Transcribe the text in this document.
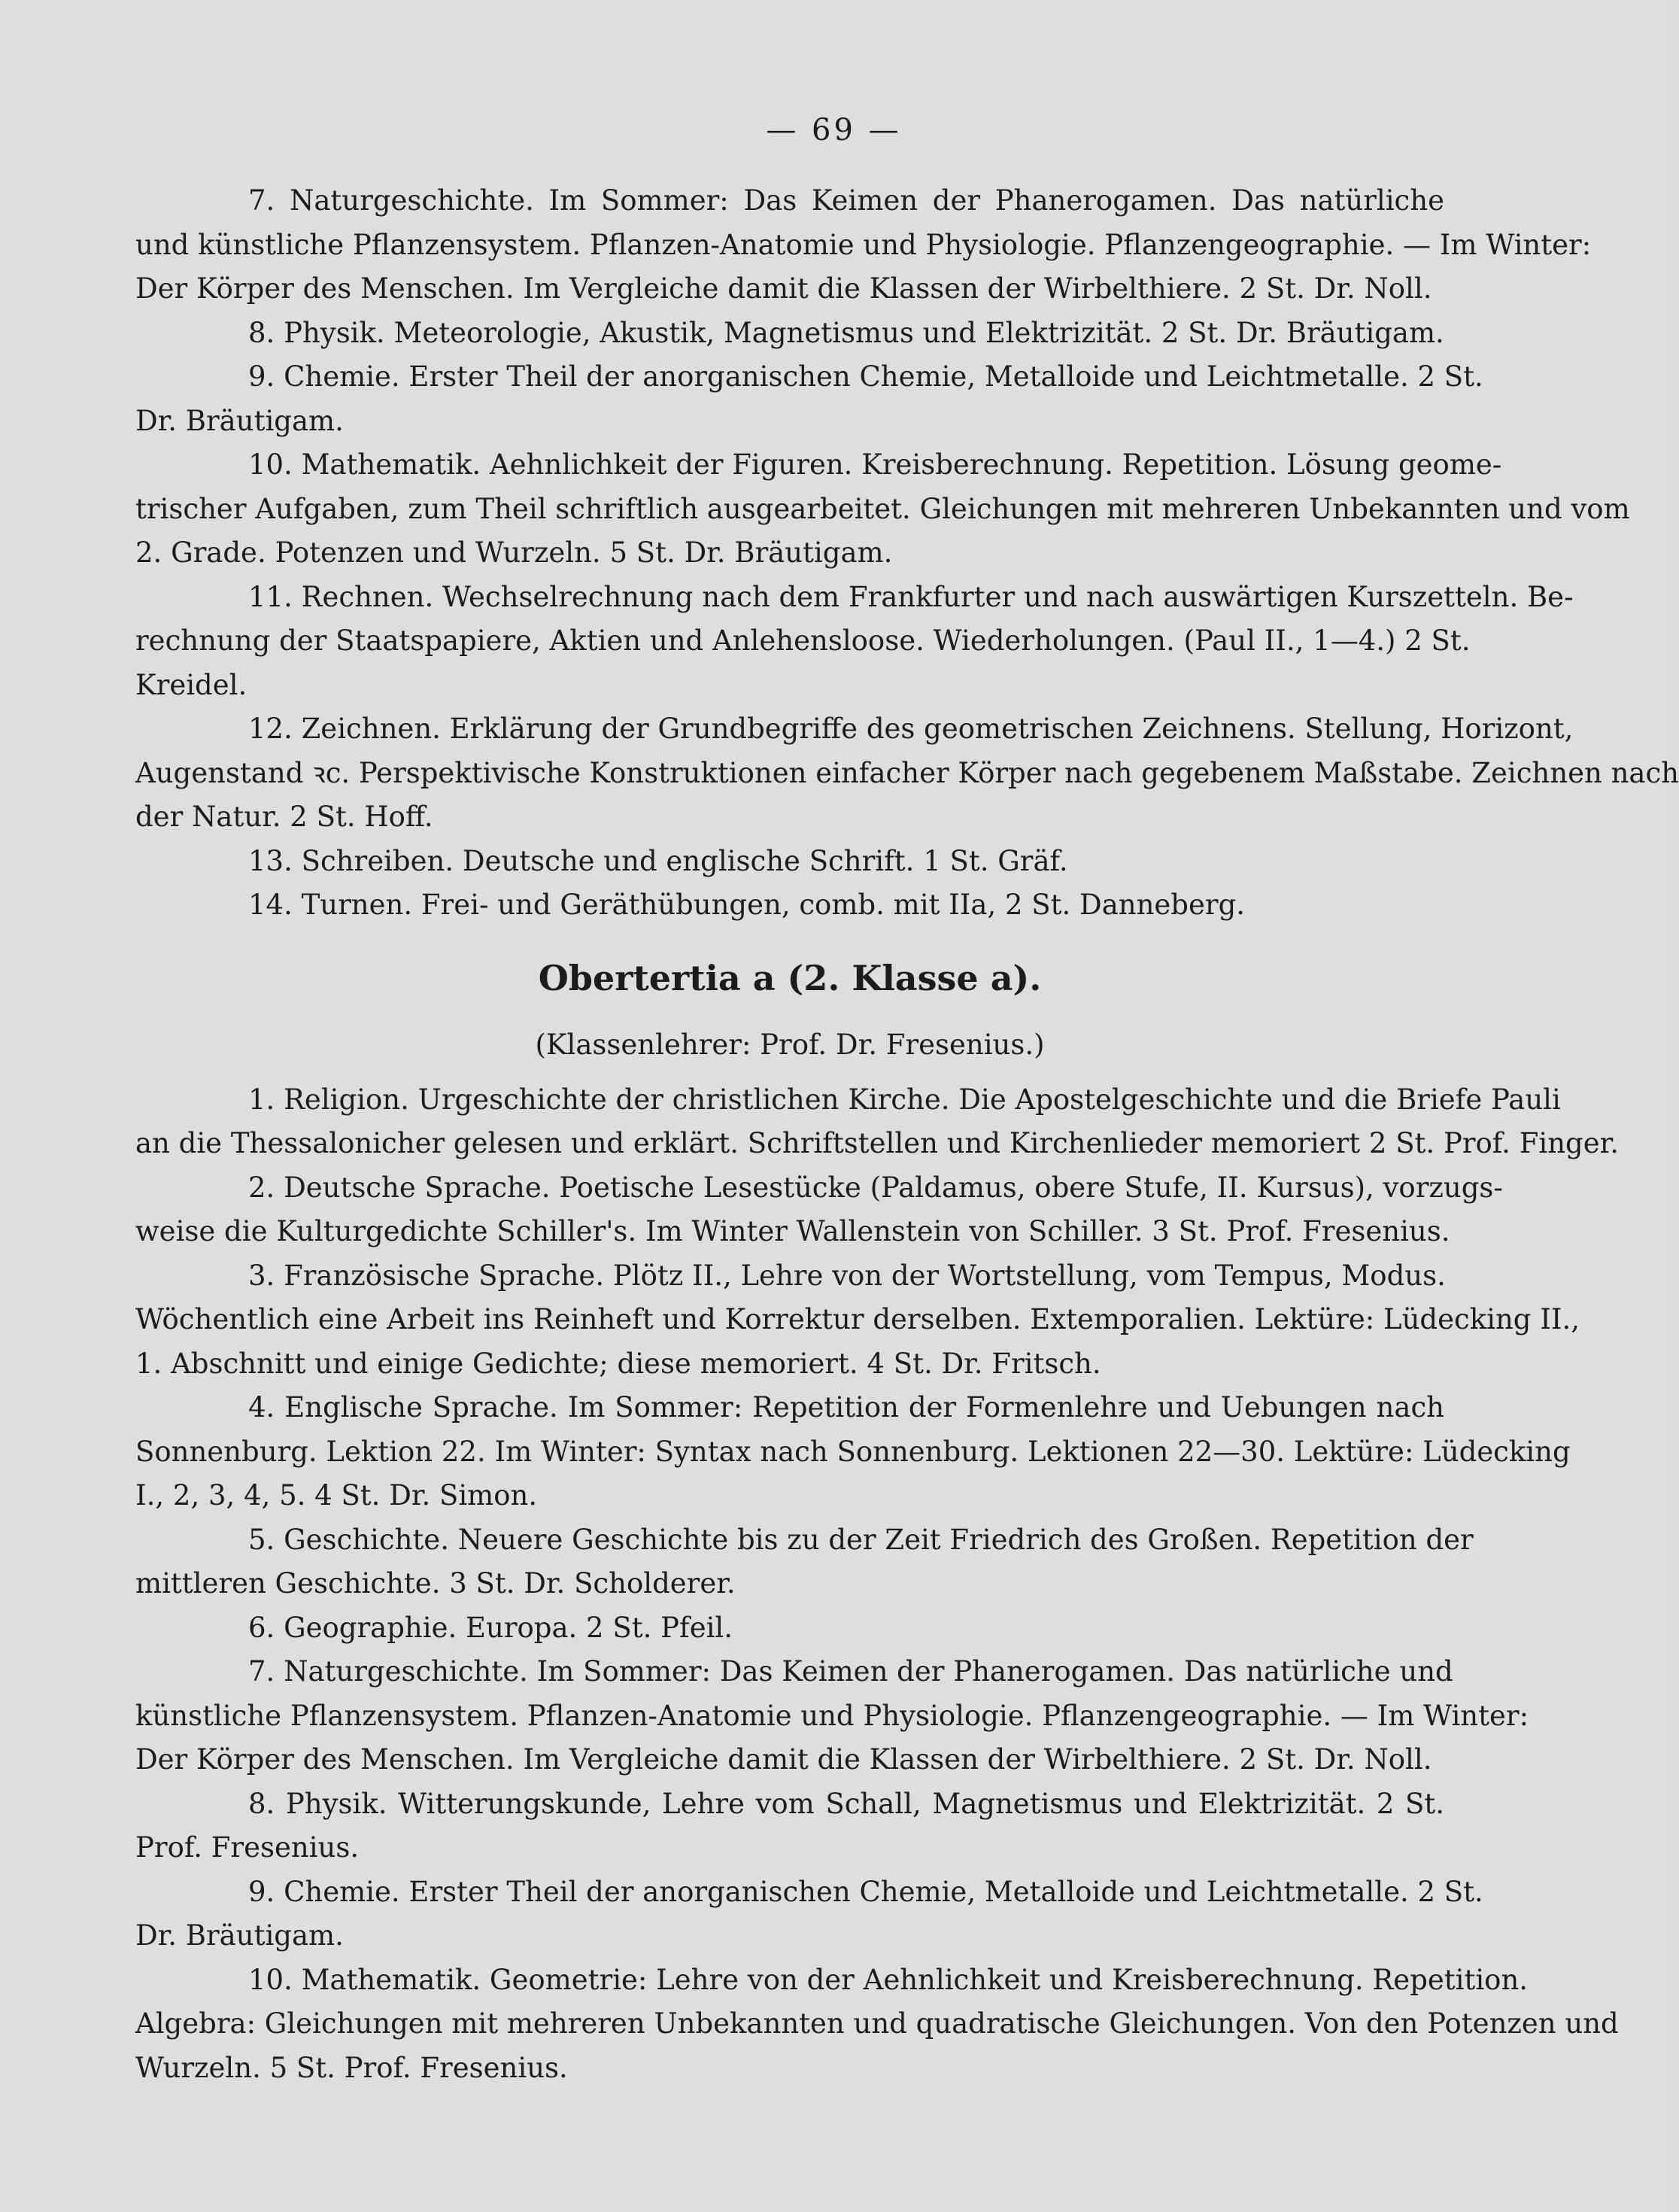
— 69 —
7. Naturgeschichte. Im Sommer: Das Keimen der Phanerogamen. Das natürliche
und künstliche Pflanzensystem. Pflanzen-Anatomie und Physiologie. Pflanzengeographie. — Im Winter:
Der Körper des Menschen. Im Vergleiche damit die Klassen der Wirbelthiere. 2 St. Dr. Noll.
8. Physik. Meteorologie, Akustik, Magnetismus und Elektrizität. 2 St. Dr. Bräutigam.
9. Chemie. Erster Theil der anorganischen Chemie, Metalloide und Leichtmetalle. 2 St.
Dr. Bräutigam.
10. Mathematik. Aehnlichkeit der Figuren. Kreisberechnung. Repetition. Lösung geome-
trischer Aufgaben, zum Theil schriftlich ausgearbeitet. Gleichungen mit mehreren Unbekannten und vom
2. Grade. Potenzen und Wurzeln. 5 St. Dr. Bräutigam.
11. Rechnen. Wechselrechnung nach dem Frankfurter und nach auswärtigen Kurszetteln. Be-
rechnung der Staatspapiere, Aktien und Anlehensloose. Wiederholungen. (Paul II., 1—4.) 2 St.
Kreidel.
12. Zeichnen. Erklärung der Grundbegriffe des geometrischen Zeichnens. Stellung, Horizont,
Augenstand ꝛc. Perspektivische Konstruktionen einfacher Körper nach gegebenem Maßstabe. Zeichnen nach
der Natur. 2 St. Hoff.
13. Schreiben. Deutsche und englische Schrift. 1 St. Gräf.
14. Turnen. Frei- und Geräthübungen, comb. mit IIa, 2 St. Danneberg.
Obertertia a (2. Klasse a).
(Klassenlehrer: Prof. Dr. Fresenius.)
1. Religion. Urgeschichte der christlichen Kirche. Die Apostelgeschichte und die Briefe Pauli
an die Thessalonicher gelesen und erklärt. Schriftstellen und Kirchenlieder memoriert 2 St. Prof. Finger.
2. Deutsche Sprache. Poetische Lesestücke (Paldamus, obere Stufe, II. Kursus), vorzugs-
weise die Kulturgedichte Schiller's. Im Winter Wallenstein von Schiller. 3 St. Prof. Fresenius.
3. Französische Sprache. Plötz II., Lehre von der Wortstellung, vom Tempus, Modus.
Wöchentlich eine Arbeit ins Reinheft und Korrektur derselben. Extemporalien. Lektüre: Lüdecking II.,
1. Abschnitt und einige Gedichte; diese memoriert. 4 St. Dr. Fritsch.
4. Englische Sprache. Im Sommer: Repetition der Formenlehre und Uebungen nach
Sonnenburg. Lektion 22. Im Winter: Syntax nach Sonnenburg. Lektionen 22—30. Lektüre: Lüdecking
I., 2, 3, 4, 5. 4 St. Dr. Simon.
5. Geschichte. Neuere Geschichte bis zu der Zeit Friedrich des Großen. Repetition der
mittleren Geschichte. 3 St. Dr. Scholderer.
6. Geographie. Europa. 2 St. Pfeil.
7. Naturgeschichte. Im Sommer: Das Keimen der Phanerogamen. Das natürliche und
künstliche Pflanzensystem. Pflanzen-Anatomie und Physiologie. Pflanzengeographie. — Im Winter:
Der Körper des Menschen. Im Vergleiche damit die Klassen der Wirbelthiere. 2 St. Dr. Noll.
8. Physik. Witterungskunde, Lehre vom Schall, Magnetismus und Elektrizität. 2 St.
Prof. Fresenius.
9. Chemie. Erster Theil der anorganischen Chemie, Metalloide und Leichtmetalle. 2 St.
Dr. Bräutigam.
10. Mathematik. Geometrie: Lehre von der Aehnlichkeit und Kreisberechnung. Repetition.
Algebra: Gleichungen mit mehreren Unbekannten und quadratische Gleichungen. Von den Potenzen und
Wurzeln. 5 St. Prof. Fresenius.
